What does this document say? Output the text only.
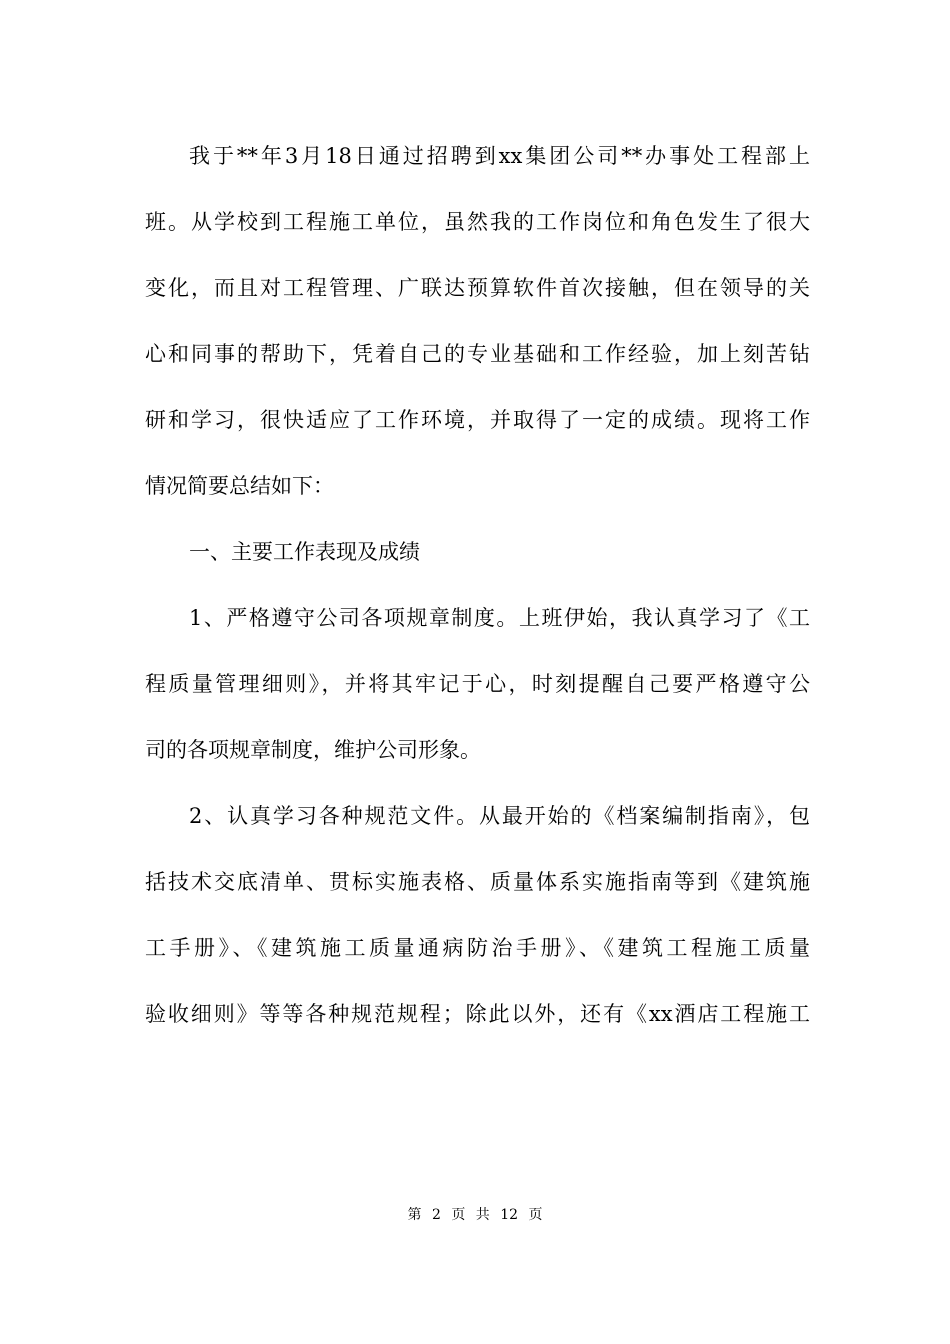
我于**年3月18日通过招聘到xx集团公司**办事处工程部上
班。从学校到工程施工单位，虽然我的工作岗位和角色发生了很大
变化，而且对工程管理、广联达预算软件首次接触，但在领导的关
心和同事的帮助下，凭着自己的专业基础和工作经验，加上刻苦钻
研和学习，很快适应了工作环境，并取得了一定的成绩。现将工作
情况简要总结如下：
一、主要工作表现及成绩
1、严格遵守公司各项规章制度。上班伊始，我认真学习了《工
程质量管理细则》，并将其牢记于心，时刻提醒自己要严格遵守公
司的各项规章制度，维护公司形象。
2、认真学习各种规范文件。从最开始的《档案编制指南》，包
括技术交底清单、贯标实施表格、质量体系实施指南等到《建筑施
工手册》、《建筑施工质量通病防治手册》、《建筑工程施工质量
验收细则》等等各种规范规程；除此以外，还有《xx酒店工程施工
第 2 页 共 12 页
